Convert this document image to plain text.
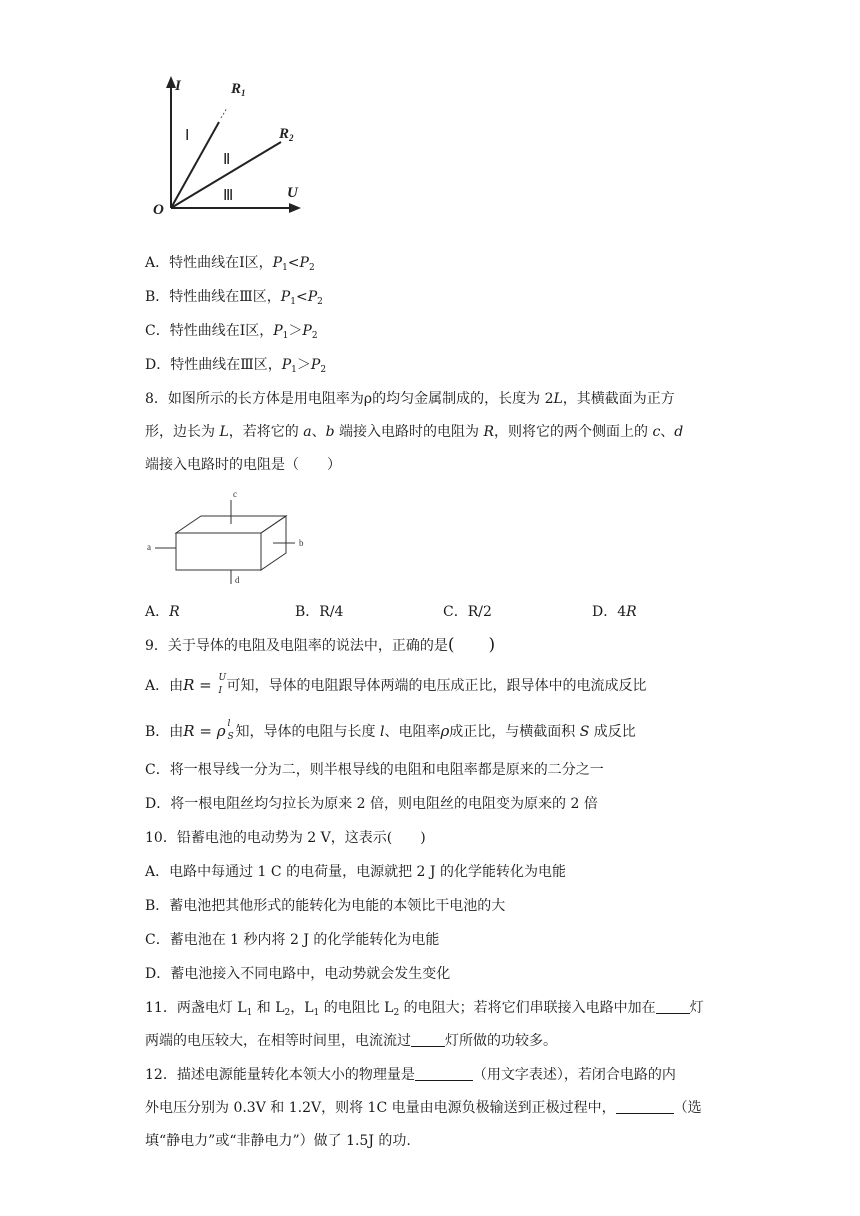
I	$R_1$
$R_2$
U
O
Ⅰ
Ⅱ
Ⅲ
A．特性曲线在Ⅰ区，$P_1<P_2$
B．特性曲线在Ⅲ区，$P_1<P_2$
C．特性曲线在Ⅰ区，$P_1>P_2$
D．特性曲线在Ⅲ区，$P_1>P_2$
8．如图所示的长方体是用电阻率为ρ的均匀金属制成的，长度为 2L，其横截面为正方
形，边长为 L，若将它的 a、b 端接入电路时的电阻为 R，则将它的两个侧面上的 c、d
端接入电路时的电阻是（　　）
a	b
c
d
A．R	B．R/4	C．R/2	D．4R
9．关于导体的电阻及电阻率的说法中，正确的是(　　)
A．由R = U
I 可知，导体的电阻跟导体两端的电压成正比，跟导体中的电流成反比
B．由R = ρ l
S 知，导体的电阻与长度 l、电阻率ρ成正比，与横截面积 S 成反比
C．将一根导线一分为二，则半根导线的电阻和电阻率都是原来的二分之一
D．将一根电阻丝均匀拉长为原来 2 倍，则电阻丝的电阻变为原来的 2 倍
10．铅蓄电池的电动势为 2 V，这表示(　　)
A．电路中每通过 1 C 的电荷量，电源就把 2 J 的化学能转化为电能
B．蓄电池把其他形式的能转化为电能的本领比干电池的大
C．蓄电池在 1 秒内将 2 J 的化学能转化为电能
D．蓄电池接入不同电路中，电动势就会发生变化
11．两盏电灯 $L_1$ 和 $L_2$，$L_1$ 的电阻比 $L_2$ 的电阻大；若将它们串联接入电路中加在 灯
两端的电压较大，在相等时间里，电流流过 灯所做的功较多。
12．描述电源能量转化本领大小的物理量是	（用文字表述），若闭合电路的内
外电压分别为 0.3V 和 1.2V，则将 1C 电量由电源负极输送到正极过程中，	（选
填“静电力”或“非静电力”）做了 1.5J 的功.
